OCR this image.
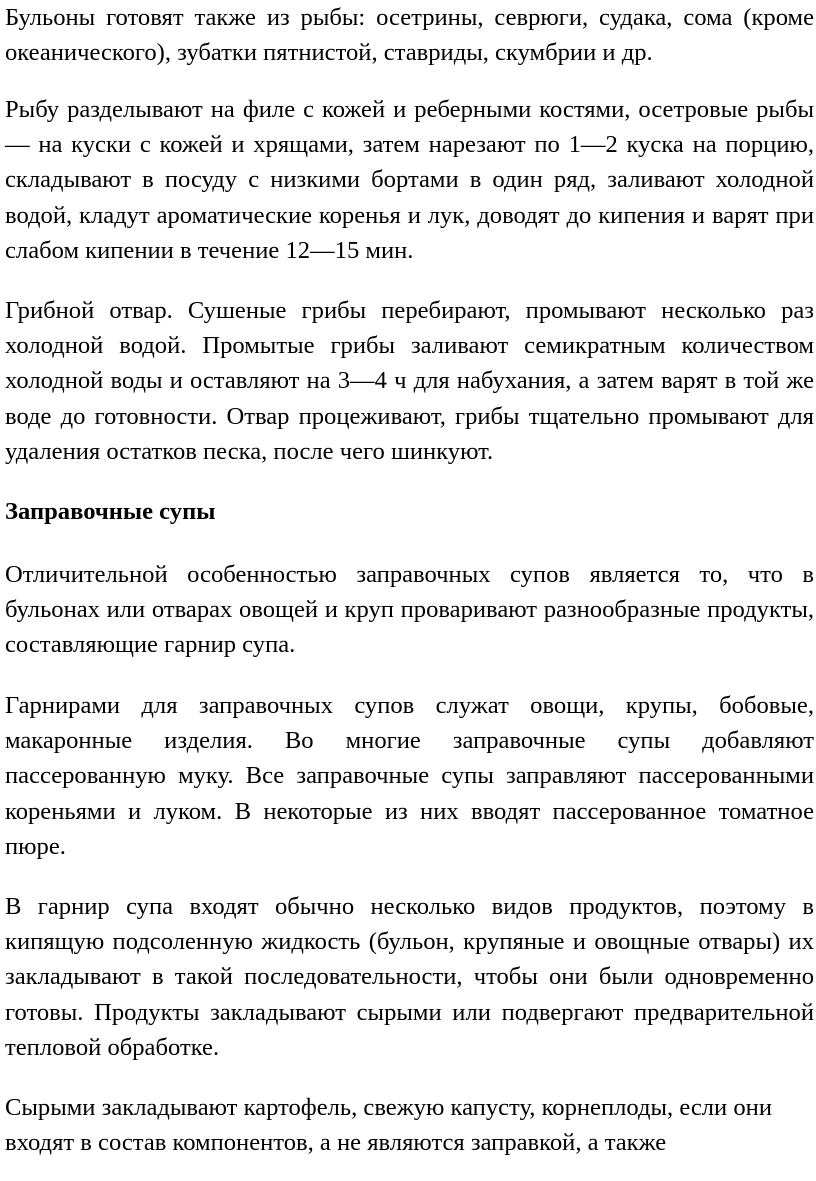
Бульоны готовят также из рыбы: осетрины, севрюги, судака, сома (кроме океанического), зубатки пятнистой, ставриды, скумбрии и др.

Рыбу разделывают на филе с кожей и реберными костями, осетровые рыбы — на куски с кожей и хрящами, затем нарезают по 1—2 куска на порцию, складывают в посуду с низкими бортами в один ряд, заливают холодной водой, кладут ароматические коренья и лук, доводят до кипения и варят при слабом кипении в течение 12—15 мин.

Грибной отвар. Сушеные грибы перебирают, промывают несколько раз холодной водой. Промытые грибы заливают семикратным количеством холодной воды и оставляют на 3—4 ч для набухания, а затем варят в той же воде до готовности. Отвар процеживают, грибы тщательно промывают для удаления остатков песка, после чего шинкуют.

Заправочные супы

Отличительной особенностью заправочных супов является то, что в бульонах или отварах овощей и круп проваривают разнообразные продукты, составляющие гарнир супа.

Гарнирами для заправочных супов служат овощи, крупы, бобовые, макаронные изделия. Во многие заправочные супы добавляют пассерованную муку. Все заправочные супы заправляют пассерованными кореньями и луком. В некоторые из них вводят пассерованное томатное пюре.

В гарнир супа входят обычно несколько видов продуктов, поэтому в кипящую подсоленную жидкость (бульон, крупяные и овощные отвары) их закладывают в такой последовательности, чтобы они были одновременно готовы. Продукты закладывают сырыми или подвергают предварительной тепловой обработке.

Сырыми закладывают картофель, свежую капусту, корнеплоды, если они входят в состав компонентов, а не являются заправкой, а также
